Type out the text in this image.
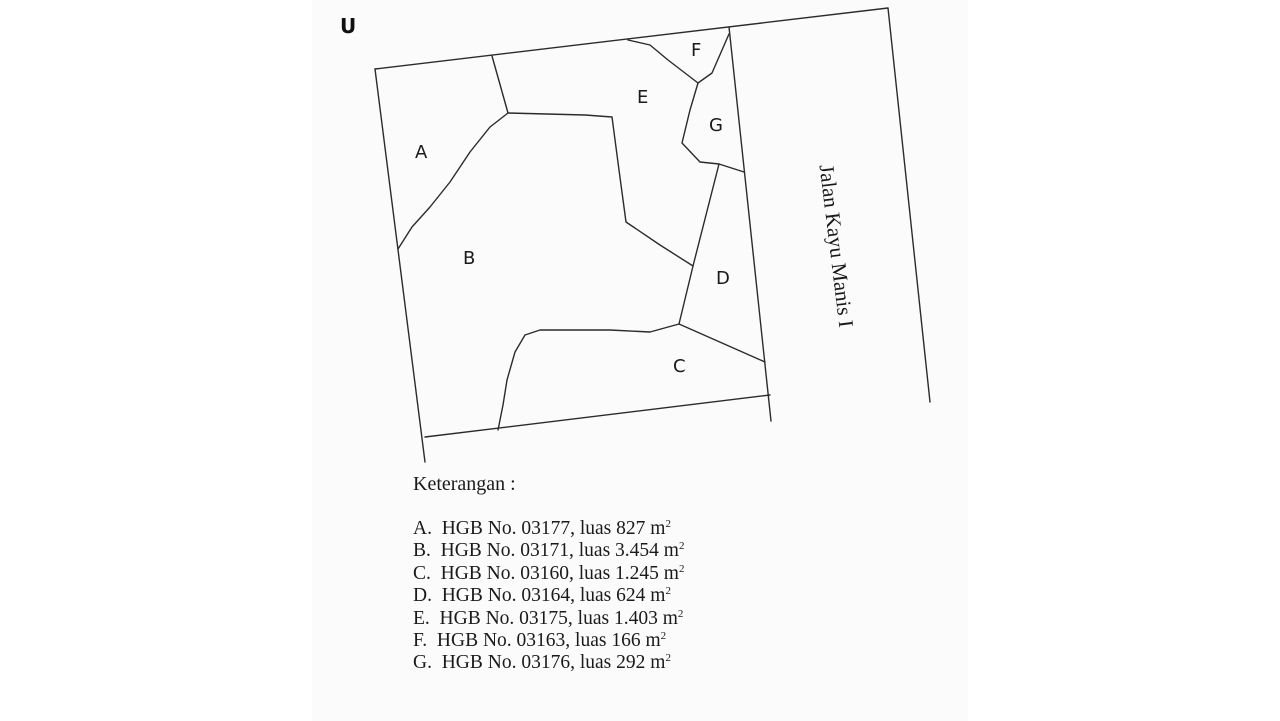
U
A
B
C
D
E
F
G
Jalan Kayu Manis I
Keterangan :
A. HGB No. 03177, luas 827 $m^2$
B. HGB No. 03171, luas 3.454 $m^2$
C. HGB No. 03160, luas 1.245 $m^2$
D. HGB No. 03164, luas 624 $m^2$
E. HGB No. 03175, luas 1.403 $m^2$
F. HGB No. 03163, luas 166 $m^2$
G. HGB No. 03176, luas 292 $m^2$
